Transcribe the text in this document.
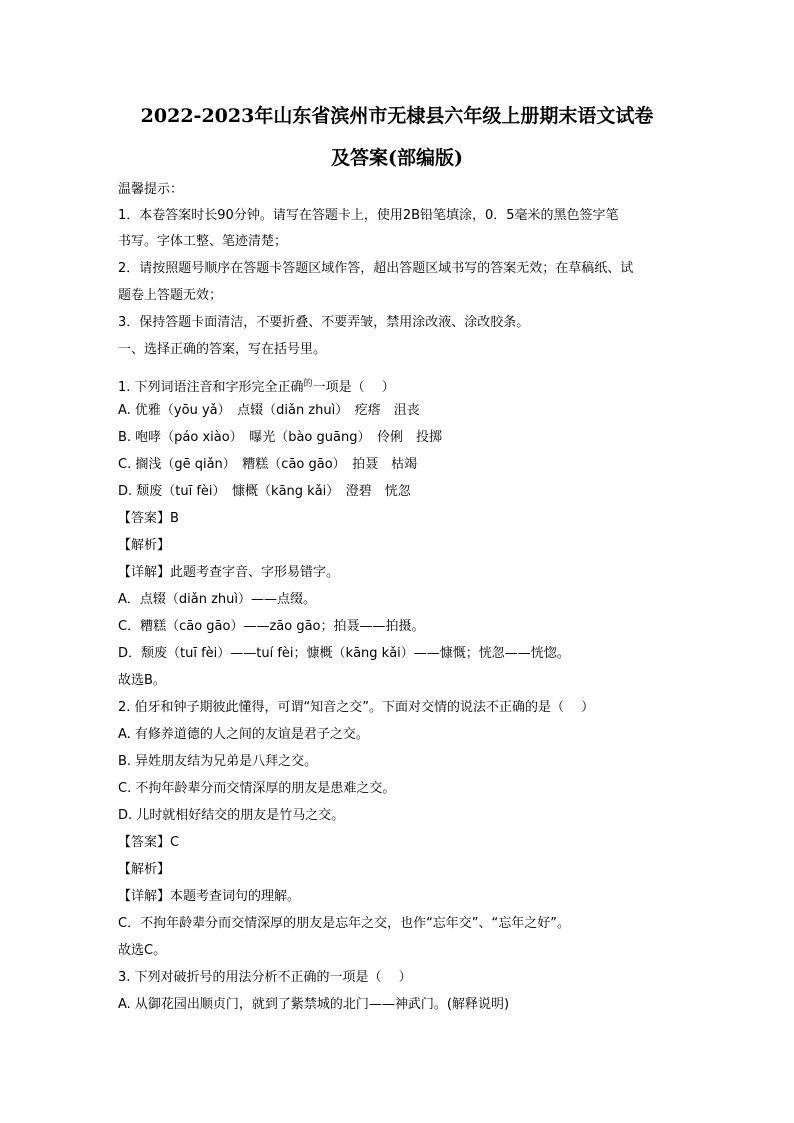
2022-2023年山东省滨州市无棣县六年级上册期末语文试卷
及答案(部编版)
温馨提示：
1．本卷答案时长90分钟。请写在答题卡上，使用2B铅笔填涂，0．5毫米的黑色签字笔
书写。字体工整、笔迹清楚；
2．请按照题号顺序在答题卡答题区域作答，超出答题区域书写的答案无效；在草稿纸、试
题卷上答题无效；
3．保持答题卡面清洁，不要折叠、不要弄皱，禁用涂改液、涂改胶条。
一、选择正确的答案，写在括号里。
1. 下列词语注音和字形完全正确$^的$一项是（　 ）
A. 优雅（yōu yǎ）　点辍（diǎn zhuì）　疙瘩　沮丧
B. 咆哮（páo xiào）　曝光（bào guāng）　伶俐　投掷
C. 搁浅（gē qiǎn）　糟糕（cāo gāo）　拍聂　枯竭
D. 颓废（tuī fèi）　慷概（kāng kǎi）　澄碧　恍忽
【答案】B
【解析】
【详解】此题考查字音、字形易错字。
A．点辍（diǎn zhuì）——点缀。
C．糟糕（cāo gāo）——zāo gāo；拍聂——拍摄。
D．颓废（tuī fèi）——tuí fèi；慷概（kāng kǎi）——慷慨；恍忽——恍惚。
故选B。
2. 伯牙和钟子期彼此懂得，可谓“知音之交”。下面对交情的说法不正确的是（　 ）
A. 有修养道德的人之间的友谊是君子之交。
B. 异姓朋友结为兄弟是八拜之交。
C. 不拘年龄辈分而交情深厚的朋友是患难之交。
D. 儿时就相好结交的朋友是竹马之交。
【答案】C
【解析】
【详解】本题考查词句的理解。
C．不拘年龄辈分而交情深厚的朋友是忘年之交，也作“忘年交”、“忘年之好”。
故选C。
3. 下列对破折号的用法分析不正确的一项是（　 ）
A. 从御花园出顺贞门，就到了紫禁城的北门——神武门。(解释说明)
